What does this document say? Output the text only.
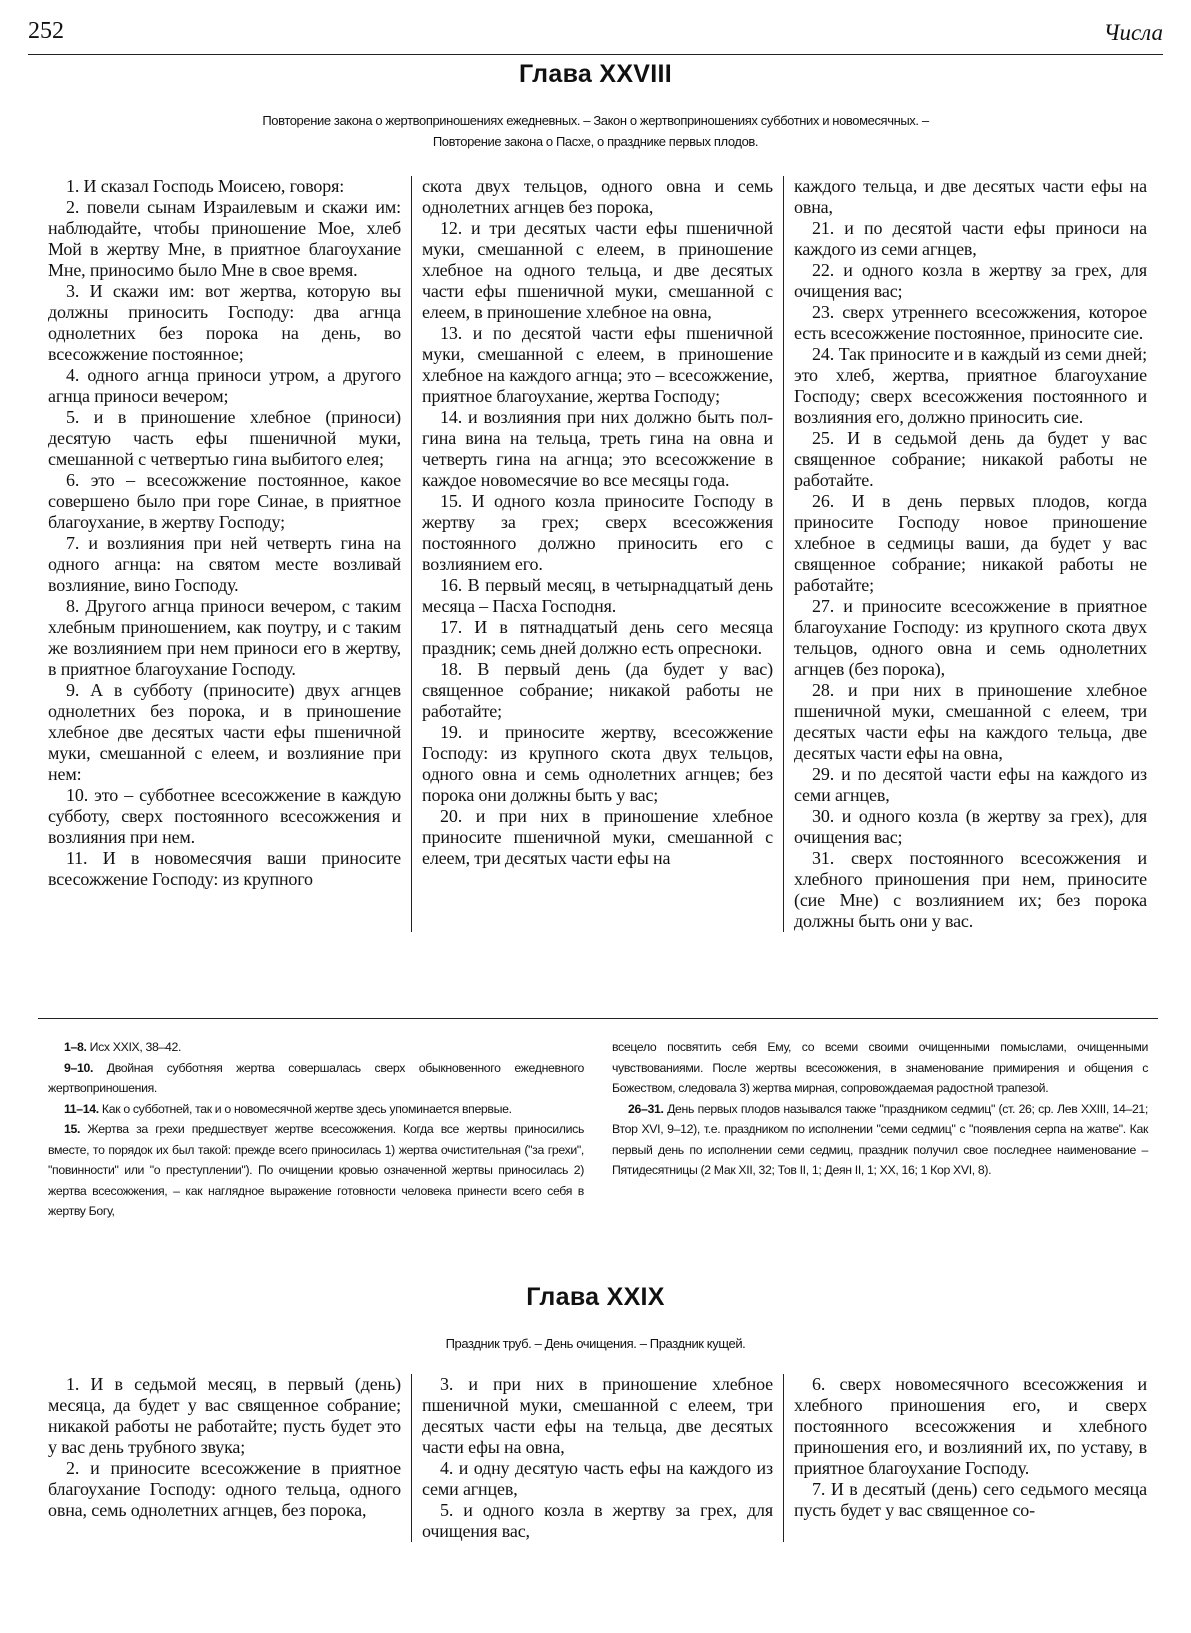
252	Числа
Глава XXVIII
Повторение закона о жертвоприношениях ежедневных. – Закон о жертвоприношениях субботних и новомесячных. –
Повторение закона о Пасхе, о празднике первых плодов.

1. И сказал Господь Моисею, говоря:

2. повели сынам Израилевым и скажи им: наблюдайте, чтобы приношение Мое, хлеб Мой в жертву Мне, в приятное благоухание Мне, приносимо было Мне в свое время.

3. И скажи им: вот жертва, которую вы должны приносить Господу: два агнца однолетних без порока на день, во всесожжение постоянное;

4. одного агнца приноси утром, а другого агнца приноси вечером;

5. и в приношение хлебное (приноси) десятую часть ефы пшеничной муки, смешанной с четвертью гина выбитого елея;

6. это – всесожжение постоянное, какое совершено было при горе Синае, в приятное благоухание, в жертву Господу;

7. и возлияния при ней четверть гина на одного агнца: на святом месте возливай возлияние, вино Господу.

8. Другого агнца приноси вечером, с таким хлебным приношением, как поутру, и с таким же возлиянием при нем приноси его в жертву, в приятное благоухание Господу.

9. А в субботу (приносите) двух агнцев однолетних без порока, и в приношение хлебное две десятых части ефы пшеничной муки, смешанной с елеем, и возлияние при нем:

10. это – субботнее всесожжение в каждую субботу, сверх постоянного всесожжения и возлияния при нем.

11. И в новомесячия ваши приносите всесожжение Господу: из крупного

скота двух тельцов, одного овна и семь однолетних агнцев без порока,

12. и три десятых части ефы пшеничной муки, смешанной с елеем, в приношение хлебное на одного тельца, и две десятых части ефы пшеничной муки, смешанной с елеем, в приношение хлебное на овна,

13. и по десятой части ефы пшеничной муки, смешанной с елеем, в приношение хлебное на каждого агнца; это – всесожжение, приятное благоухание, жертва Господу;

14. и возлияния при них должно быть пол-гина вина на тельца, треть гина на овна и четверть гина на агнца; это всесожжение в каждое новомесячие во все месяцы года.

15. И одного козла приносите Господу в жертву за грех; сверх всесожжения постоянного должно приносить его с возлиянием его.

16. В первый месяц, в четырнадцатый день месяца – Пасха Господня.

17. И в пятнадцатый день сего месяца праздник; семь дней должно есть опресноки.

18. В первый день (да будет у вас) священное собрание; никакой работы не работайте;

19. и приносите жертву, всесожжение Господу: из крупного скота двух тельцов, одного овна и семь однолетних агнцев; без порока они должны быть у вас;

20. и при них в приношение хлебное приносите пшеничной муки, смешанной с елеем, три десятых части ефы на

каждого тельца, и две десятых части ефы на овна,

21. и по десятой части ефы приноси на каждого из семи агнцев,

22. и одного козла в жертву за грех, для очищения вас;

23. сверх утреннего всесожжения, которое есть всесожжение постоянное, приносите сие.

24. Так приносите и в каждый из семи дней; это хлеб, жертва, приятное благоухание Господу; сверх всесожжения постоянного и возлияния его, должно приносить сие.

25. И в седьмой день да будет у вас священное собрание; никакой работы не работайте.

26. И в день первых плодов, когда приносите Господу новое приношение хлебное в седмицы ваши, да будет у вас священное собрание; никакой работы не работайте;

27. и приносите всесожжение в приятное благоухание Господу: из крупного скота двух тельцов, одного овна и семь однолетних агнцев (без порока),

28. и при них в приношение хлебное пшеничной муки, смешанной с елеем, три десятых части ефы на каждого тельца, две десятых части ефы на овна,

29. и по десятой части ефы на каждого из семи агнцев,

30. и одного козла (в жертву за грех), для очищения вас;

31. сверх постоянного всесожжения и хлебного приношения при нем, приносите (сие Мне) с возлиянием их; без порока должны быть они у вас.

1–8. Исх XXIX, 38–42.

9–10. Двойная субботняя жертва совершалась сверх обыкновенного ежедневного жертвоприношения.

11–14. Как о субботней, так и о новомесячной жертве здесь упоминается впервые.

15. Жертва за грехи предшествует жертве всесожжения. Когда все жертвы приносились вместе, то порядок их был такой: прежде всего приносилась 1) жертва очистительная ("за грехи", "повинности" или "о преступлении"). По очищении кровью означенной жертвы приносилась 2) жертва всесожжения, – как наглядное выражение готовности человека принести всего себя в жертву Богу,

всецело посвятить себя Ему, со всеми своими очищенными помыслами, очищенными чувствованиями. После жертвы всесожжения, в знаменование примирения и общения с Божеством, следовала 3) жертва мирная, сопровождаемая радостной трапезой.

26–31. День первых плодов назывался также "праздником седмиц" (ст. 26; ср. Лев XXIII, 14–21; Втор XVI, 9–12), т.е. праздником по исполнении "семи седмиц" с "появления серпа на жатве". Как первый день по исполнении семи седмиц, праздник получил свое последнее наименование – Пятидесятницы (2 Мак XII, 32; Тов II, 1; Деян II, 1; XX, 16; 1 Кор XVI, 8).

Глава XXIX
Праздник труб. – День очищения. – Праздник кущей.

1. И в седьмой месяц, в первый (день) месяца, да будет у вас священное собрание; никакой работы не работайте; пусть будет это у вас день трубного звука;

2. и приносите всесожжение в приятное благоухание Господу: одного тельца, одного овна, семь однолетних агнцев, без порока,

3. и при них в приношение хлебное пшеничной муки, смешанной с елеем, три десятых части ефы на тельца, две десятых части ефы на овна,

4. и одну десятую часть ефы на каждого из семи агнцев,

5. и одного козла в жертву за грех, для очищения вас,

6. сверх новомесячного всесожжения и хлебного приношения его, и сверх постоянного всесожжения и хлебного приношения его, и возлияний их, по уставу, в приятное благоухание Господу.

7. И в десятый (день) сего седьмого месяца пусть будет у вас священное со-
